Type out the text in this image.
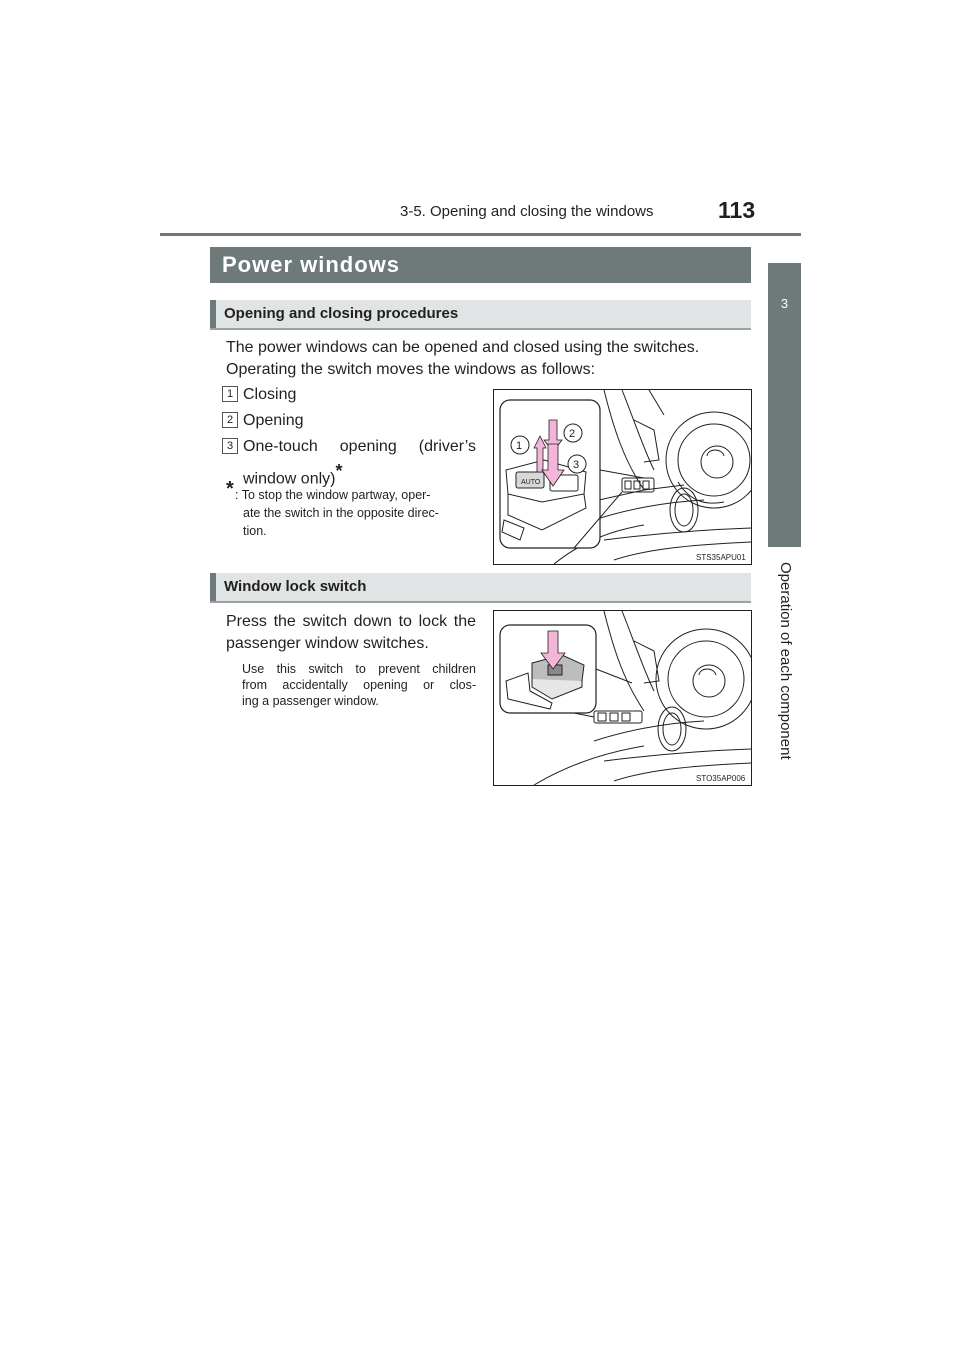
3-5. Opening and closing the windows	113
3
Operation of each component
Power windows
Opening and closing procedures
The power windows can be opened and closed using the switches.
Operating the switch moves the windows as follows:
1 Closing
2 Opening
3 One-touch opening (driver’s
window only)*
* : To stop the window partway, oper-
ate the switch in the opposite direc-
tion.
AUTO
1
2
3
STS35APU01
Window lock switch
Press the switch down to lock the
passenger window switches.
Use this switch to prevent children
from accidentally opening or clos-
ing a passenger window.
STO35AP006
